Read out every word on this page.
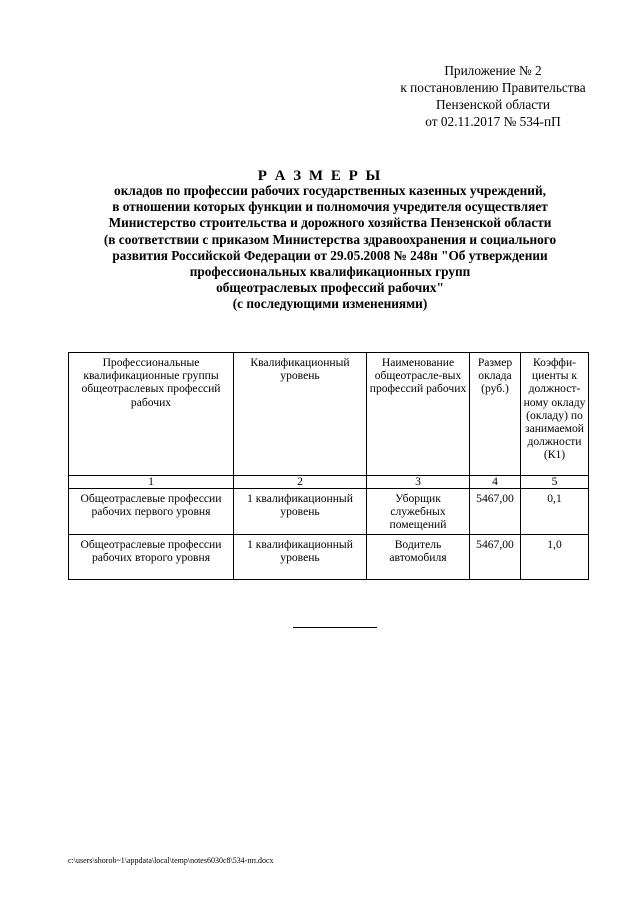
Приложение № 2
к постановлению Правительства
Пензенской области
от 02.11.2017 № 534-пП
Р А З М Е Р Ы
окладов по профессии рабочих государственных казенных учреждений,
в отношении которых функции и полномочия учредителя осуществляет
Министерство строительства и дорожного хозяйства Пензенской области
(в соответствии с приказом Министерства здравоохранения и социального
развития Российской Федерации от 29.05.2008 № 248н "Об утверждении
профессиональных квалификационных групп
общеотраслевых профессий рабочих"
(с последующими изменениями)
Профессиональные квалификационные группы общеотраслевых профессий рабочих	Квалификационный уровень	Наименование общеотрасле-вых профессий рабочих	Размер оклада (руб.)	Коэффи-циенты к должност-ному окладу (окладу) по занимаемой должности (К1)
1	2	3	4	5
Общеотраслевые профессии рабочих первого уровня	1 квалификационный уровень	Уборщик служебных помещений	5467,00	0,1
Общеотраслевые профессии рабочих второго уровня	1 квалификационный уровень	Водитель автомобиля	5467,00	1,0
c:\users\shorob~1\appdata\local\temp\notes6030c8\534-пп.docx
